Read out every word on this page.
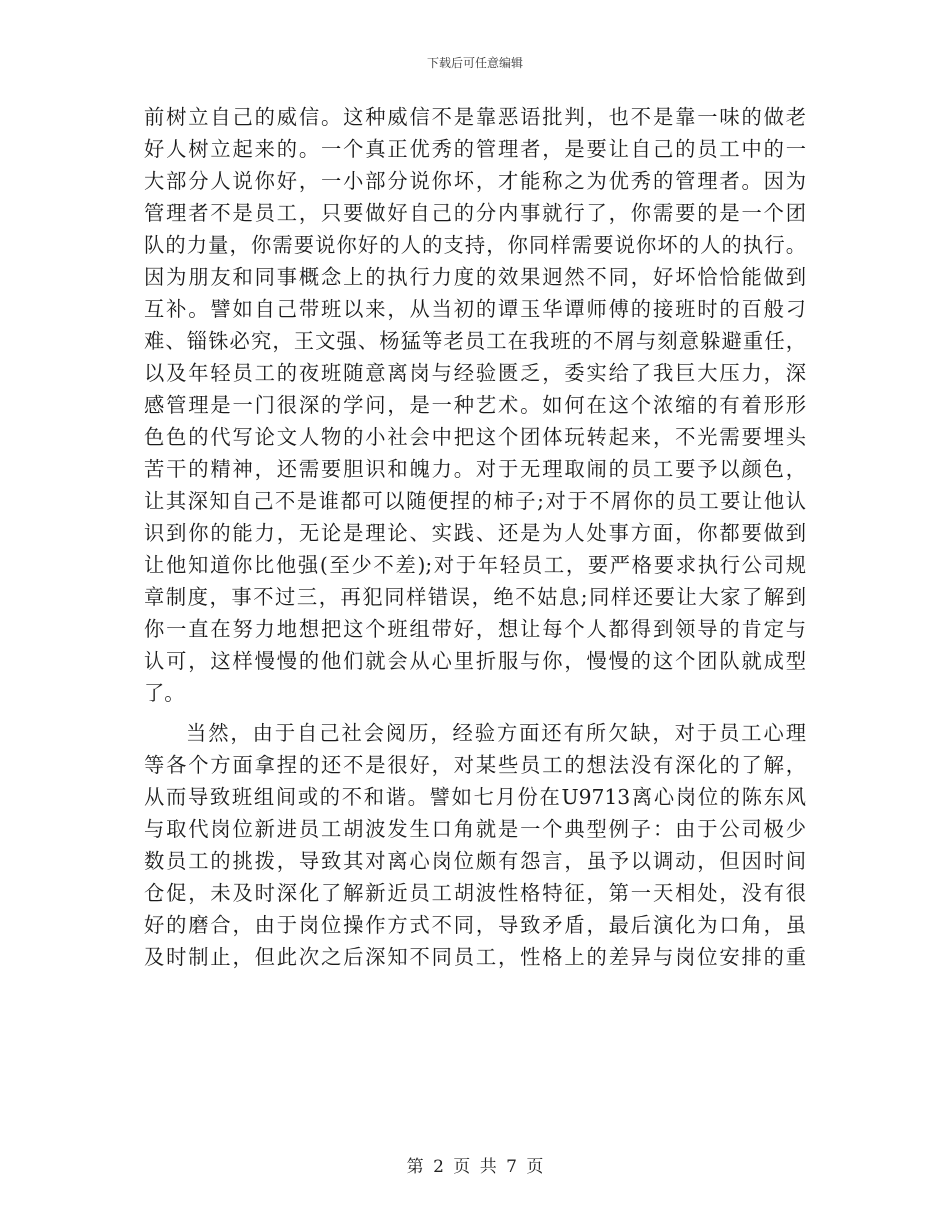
下载后可任意编辑
前树立自己的威信。这种威信不是靠恶语批判，也不是靠一味的做老
好人树立起来的。一个真正优秀的管理者，是要让自己的员工中的一
大部分人说你好，一小部分说你坏，才能称之为优秀的管理者。因为
管理者不是员工，只要做好自己的分内事就行了，你需要的是一个团
队的力量，你需要说你好的人的支持，你同样需要说你坏的人的执行。
因为朋友和同事概念上的执行力度的效果迥然不同，好坏恰恰能做到
互补。譬如自己带班以来，从当初的谭玉华谭师傅的接班时的百般刁
难、锱铢必究，王文强、杨猛等老员工在我班的不屑与刻意躲避重任，
以及年轻员工的夜班随意离岗与经验匮乏，委实给了我巨大压力，深
感管理是一门很深的学问，是一种艺术。如何在这个浓缩的有着形形
色色的代写论文人物的小社会中把这个团体玩转起来，不光需要埋头
苦干的精神，还需要胆识和魄力。对于无理取闹的员工要予以颜色，
让其深知自己不是谁都可以随便捏的柿子;对于不屑你的员工要让他认
识到你的能力，无论是理论、实践、还是为人处事方面，你都要做到
让他知道你比他强(至少不差);对于年轻员工，要严格要求执行公司规
章制度，事不过三，再犯同样错误，绝不姑息;同样还要让大家了解到
你一直在努力地想把这个班组带好，想让每个人都得到领导的肯定与
认可，这样慢慢的他们就会从心里折服与你，慢慢的这个团队就成型
了。
当然，由于自己社会阅历，经验方面还有所欠缺，对于员工心理
等各个方面拿捏的还不是很好，对某些员工的想法没有深化的了解，
从而导致班组间或的不和谐。譬如七月份在U9713离心岗位的陈东风
与取代岗位新进员工胡波发生口角就是一个典型例子：由于公司极少
数员工的挑拨，导致其对离心岗位颇有怨言，虽予以调动，但因时间
仓促，未及时深化了解新近员工胡波性格特征，第一天相处，没有很
好的磨合，由于岗位操作方式不同，导致矛盾，最后演化为口角，虽
及时制止，但此次之后深知不同员工，性格上的差异与岗位安排的重
第 2 页 共 7 页
